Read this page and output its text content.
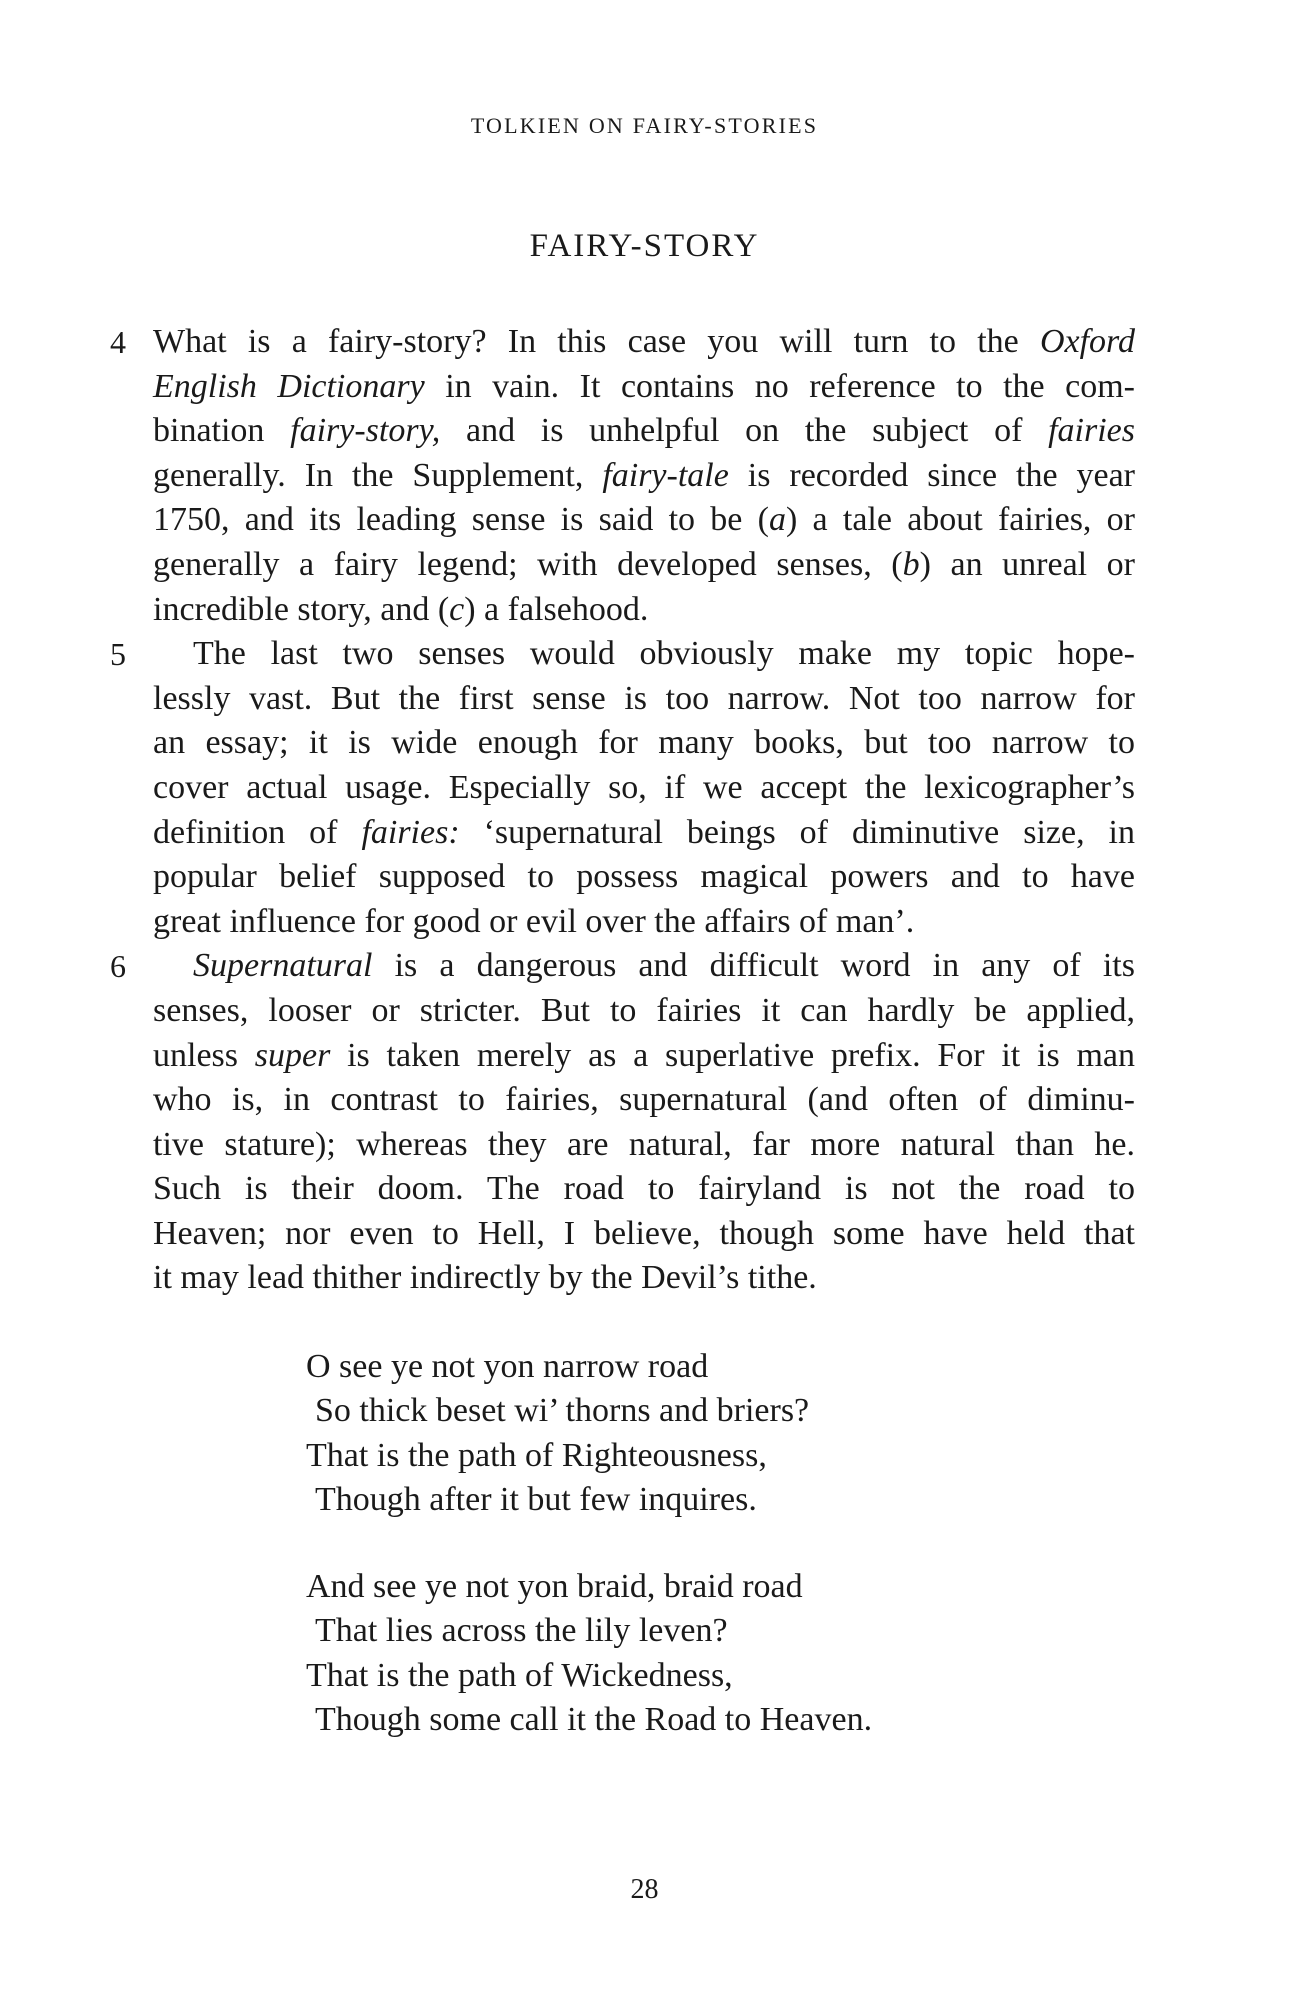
TOLKIEN ON FAIRY-STORIES
FAIRY-STORY
4 What is a fairy-story? In this case you will turn to the Oxford
English Dictionary in vain. It contains no reference to the com-
bination fairy-story, and is unhelpful on the subject of fairies
generally. In the Supplement, fairy-tale is recorded since the year
1750, and its leading sense is said to be (a) a tale about fairies, or
generally a fairy legend; with developed senses, (b) an unreal or
incredible story, and (c) a falsehood.
5	The last two senses would obviously make my topic hope-
lessly vast. But the first sense is too narrow. Not too narrow for
an essay; it is wide enough for many books, but too narrow to
cover actual usage. Especially so, if we accept the lexicographer’s
definition of fairies: ‘supernatural beings of diminutive size, in
popular belief supposed to possess magical powers and to have
great influence for good or evil over the affairs of man’.
6	Supernatural is a dangerous and difficult word in any of its
senses, looser or stricter. But to fairies it can hardly be applied,
unless super is taken merely as a superlative prefix. For it is man
who is, in contrast to fairies, supernatural (and often of diminu-
tive stature); whereas they are natural, far more natural than he.
Such is their doom. The road to fairyland is not the road to
Heaven; nor even to Hell, I believe, though some have held that
it may lead thither indirectly by the Devil’s tithe.
O see ye not yon narrow road
So thick beset wi’ thorns and briers?
That is the path of Righteousness,
Though after it but few inquires.
And see ye not yon braid, braid road
That lies across the lily leven?
That is the path of Wickedness,
Though some call it the Road to Heaven.
28
